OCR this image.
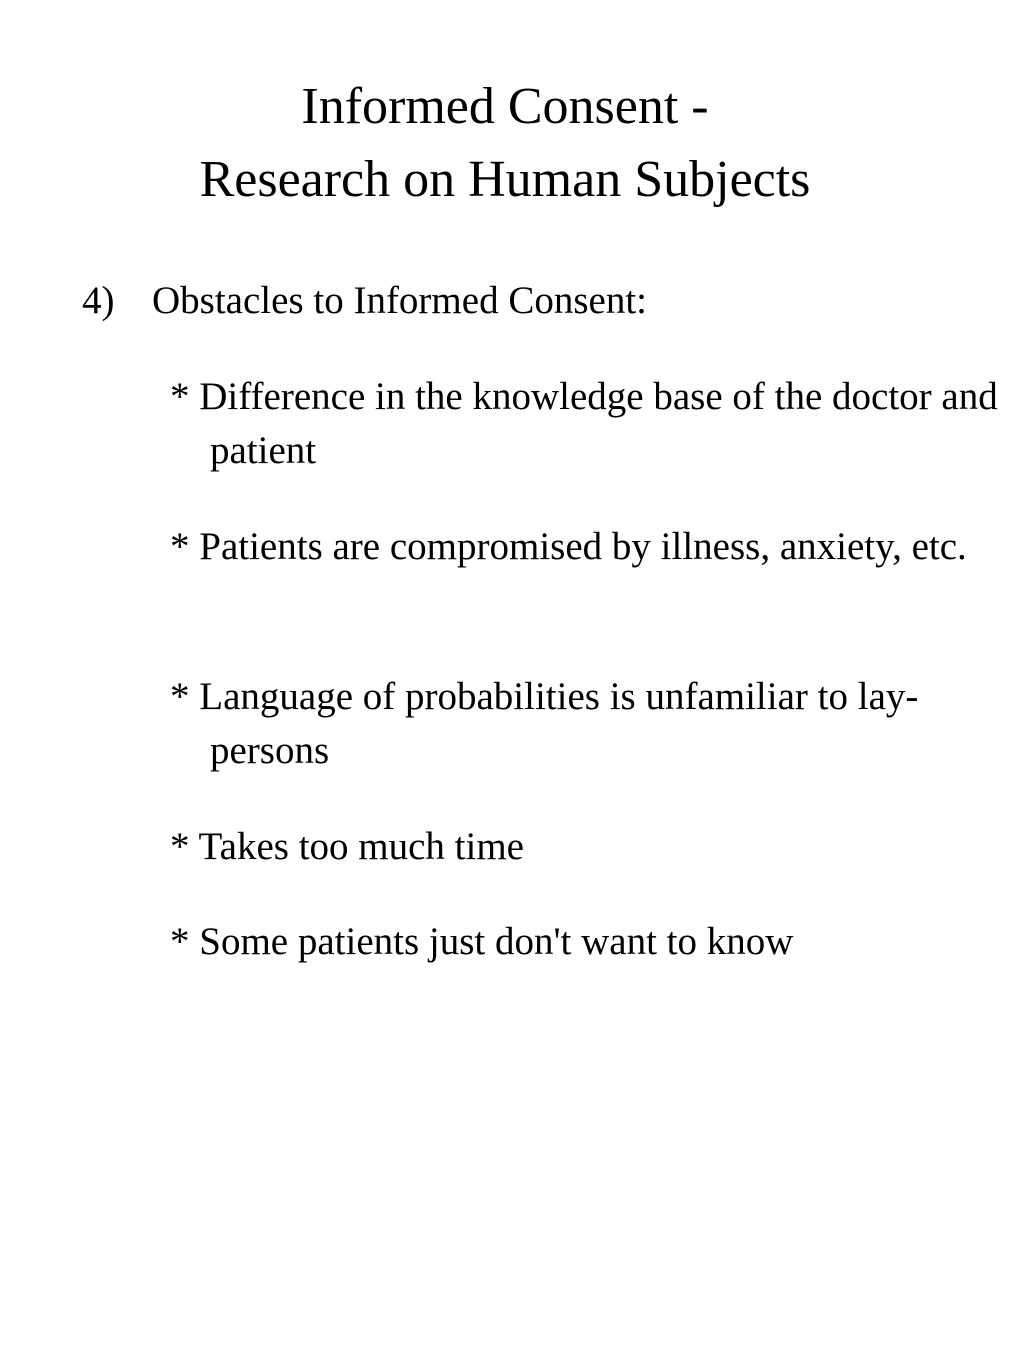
Informed Consent -
Research on Human Subjects
4) Obstacles to Informed Consent:
* Difference in the knowledge base of the doctor and patient
* Patients are compromised by illness, anxiety, etc.
* Language of probabilities is unfamiliar to lay-persons
* Takes too much time
* Some patients just don't want to know
